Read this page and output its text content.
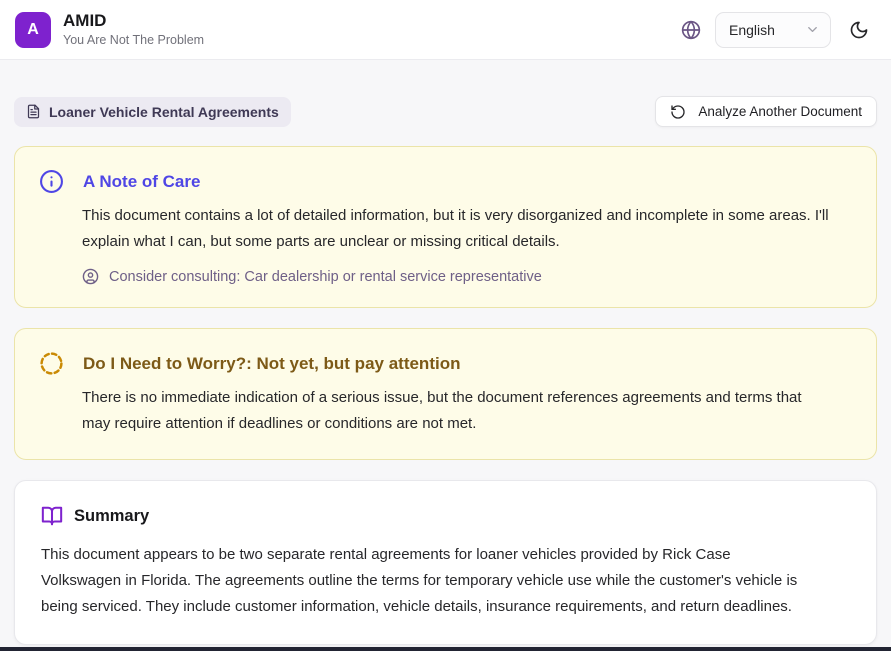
A AMID
You Are Not The Problem
English
Loaner Vehicle Rental Agreements	Analyze Another Document
A Note of Care

This document contains a lot of detailed information, but it is very disorganized and incomplete in some areas. I'll explain what I can, but some parts are unclear or missing critical details.

Consider consulting: Car dealership or rental service representative
Do I Need to Worry?: Not yet, but pay attention

There is no immediate indication of a serious issue, but the document references agreements and terms that may require attention if deadlines or conditions are not met.

Summary

This document appears to be two separate rental agreements for loaner vehicles provided by Rick Case Volkswagen in Florida. The agreements outline the terms for temporary vehicle use while the customer's vehicle is being serviced. They include customer information, vehicle details, insurance requirements, and return deadlines.
